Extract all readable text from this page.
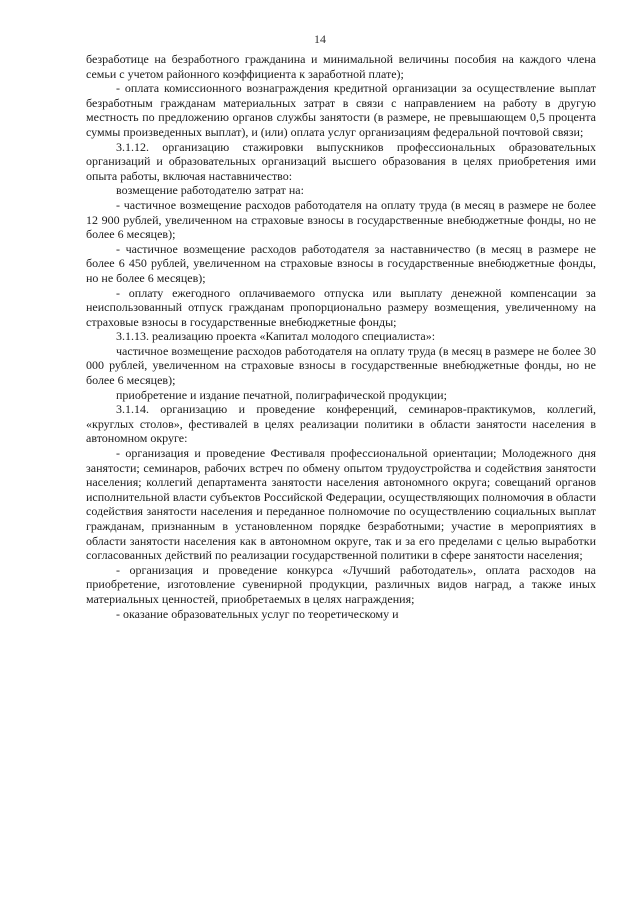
14

безработице на безработного гражданина и минимальной величины пособия на каждого члена семьи с учетом районного коэффициента к заработной плате);

- оплата комиссионного вознаграждения кредитной организации за осуществление выплат безработным гражданам материальных затрат в связи с направлением на работу в другую местность по предложению органов службы занятости (в размере, не превышающем 0,5 процента суммы произведенных выплат), и (или) оплата услуг организациям федеральной почтовой связи;

3.1.12. организацию стажировки выпускников профессиональных образовательных организаций и образовательных организаций высшего образования в целях приобретения ими опыта работы, включая наставничество:

возмещение работодателю затрат на:

- частичное возмещение расходов работодателя на оплату труда (в месяц в размере не более 12 900 рублей, увеличенном на страховые взносы в государственные внебюджетные фонды, но не более 6 месяцев);

- частичное возмещение расходов работодателя за наставничество (в месяц в размере не более 6 450 рублей, увеличенном на страховые взносы в государственные внебюджетные фонды, но не более 6 месяцев);

- оплату ежегодного оплачиваемого отпуска или выплату денежной компенсации за неиспользованный отпуск гражданам пропорционально размеру возмещения, увеличенному на страховые взносы в государственные внебюджетные фонды;

3.1.13. реализацию проекта «Капитал молодого специалиста»:

частичное возмещение расходов работодателя на оплату труда (в месяц в размере не более 30 000 рублей, увеличенном на страховые взносы в государственные внебюджетные фонды, но не более 6 месяцев);

приобретение и издание печатной, полиграфической продукции;

3.1.14. организацию и проведение конференций, семинаров-практикумов, коллегий, «круглых столов», фестивалей в целях реализации политики в области занятости населения в автономном округе:

- организация и проведение Фестиваля профессиональной ориентации; Молодежного дня занятости; семинаров, рабочих встреч по обмену опытом трудоустройства и содействия занятости населения; коллегий департамента занятости населения автономного округа; совещаний органов исполнительной власти субъектов Российской Федерации, осуществляющих полномочия в области содействия занятости населения и переданное полномочие по осуществлению социальных выплат гражданам, признанным в установленном порядке безработными; участие в мероприятиях в области занятости населения как в автономном округе, так и за его пределами с целью выработки согласованных действий по реализации государственной политики в сфере занятости населения;

- организация и проведение конкурса «Лучший работодатель», оплата расходов на приобретение, изготовление сувенирной продукции, различных видов наград, а также иных материальных ценностей, приобретаемых в целях награждения;

- оказание образовательных услуг по теоретическому и
